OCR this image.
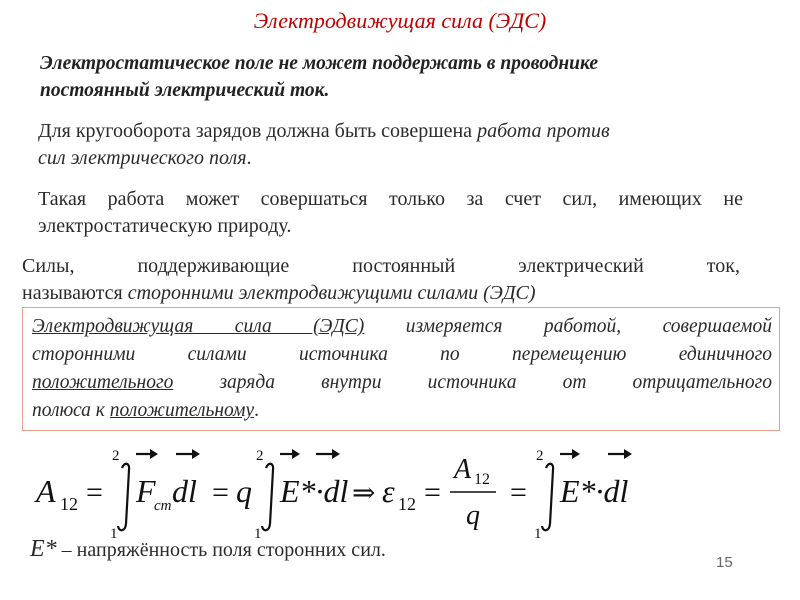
Электродвижущая сила (ЭДС)
Электростатическое поле не может поддержать в проводнике
постоянный электрический ток.
Для кругооборота зарядов должна быть совершена работа против
сил электрического поля.
Такая работа может совершаться только за счет сил, имеющих не
электростатическую природу.
Силы, поддерживающие постоянный электрический ток,
называются сторонними электродвижущими силами (ЭДС)
Электродвижущая сила (ЭДС) измеряется работой, совершаемой
сторонними силами источника по перемещению единичного
положительного заряда внутри источника от отрицательного
полюса к положительному.
A 12 =
2
1
F
ст dl = q
2
1
E*·dl ⇒ ε 12 =
A 12
q
=
2
1
E*·dl
E* – напряжённость поля сторонних сил.
15
